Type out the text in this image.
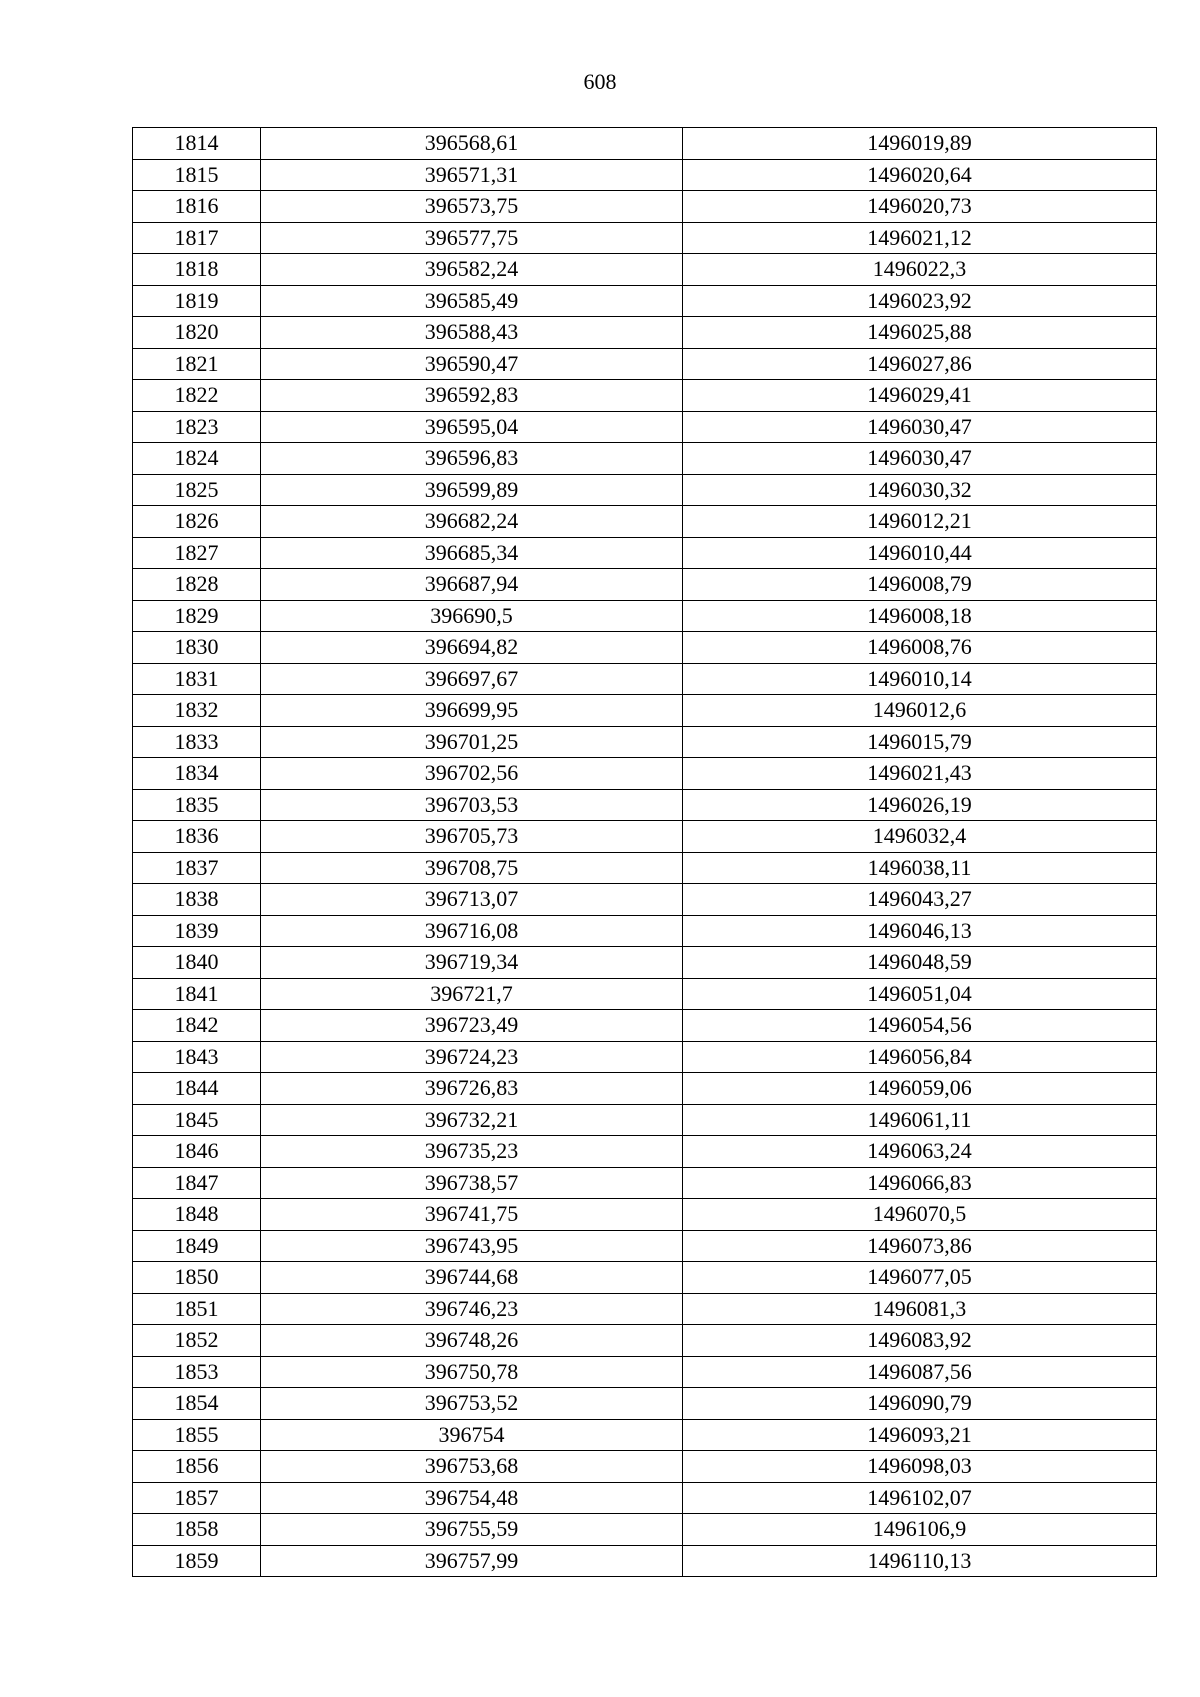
608
1814	396568,61	1496019,89
1815	396571,31	1496020,64
1816	396573,75	1496020,73
1817	396577,75	1496021,12
1818	396582,24	1496022,3
1819	396585,49	1496023,92
1820	396588,43	1496025,88
1821	396590,47	1496027,86
1822	396592,83	1496029,41
1823	396595,04	1496030,47
1824	396596,83	1496030,47
1825	396599,89	1496030,32
1826	396682,24	1496012,21
1827	396685,34	1496010,44
1828	396687,94	1496008,79
1829	396690,5	1496008,18
1830	396694,82	1496008,76
1831	396697,67	1496010,14
1832	396699,95	1496012,6
1833	396701,25	1496015,79
1834	396702,56	1496021,43
1835	396703,53	1496026,19
1836	396705,73	1496032,4
1837	396708,75	1496038,11
1838	396713,07	1496043,27
1839	396716,08	1496046,13
1840	396719,34	1496048,59
1841	396721,7	1496051,04
1842	396723,49	1496054,56
1843	396724,23	1496056,84
1844	396726,83	1496059,06
1845	396732,21	1496061,11
1846	396735,23	1496063,24
1847	396738,57	1496066,83
1848	396741,75	1496070,5
1849	396743,95	1496073,86
1850	396744,68	1496077,05
1851	396746,23	1496081,3
1852	396748,26	1496083,92
1853	396750,78	1496087,56
1854	396753,52	1496090,79
1855	396754	1496093,21
1856	396753,68	1496098,03
1857	396754,48	1496102,07
1858	396755,59	1496106,9
1859	396757,99	1496110,13
